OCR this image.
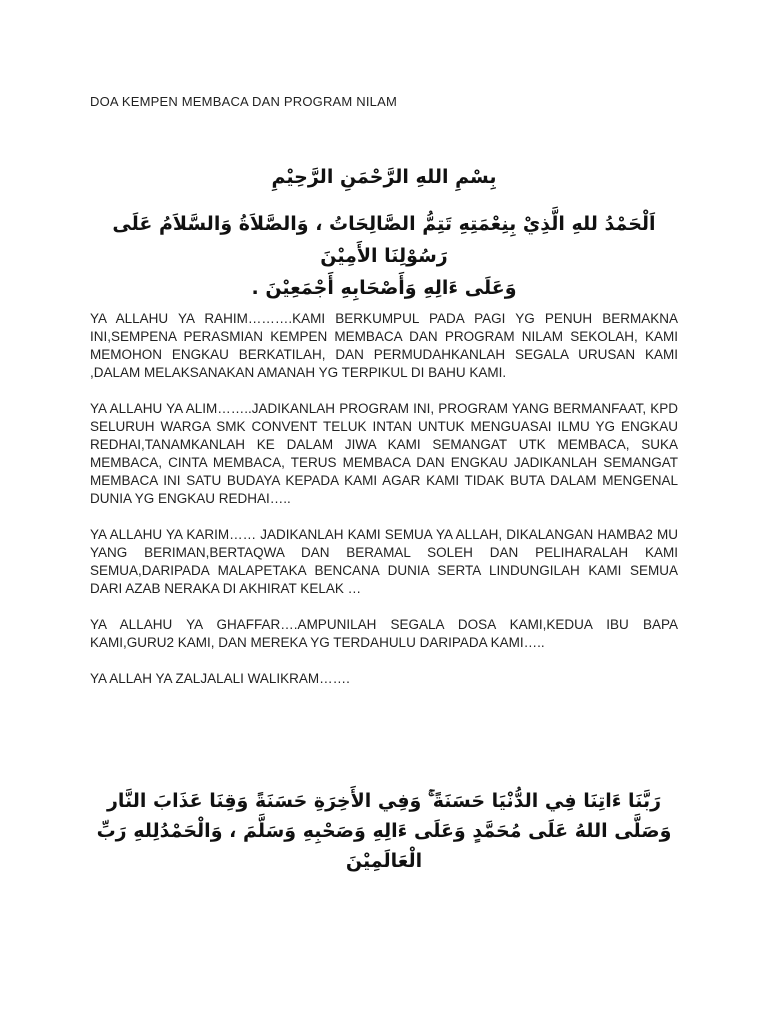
DOA KEMPEN MEMBACA DAN PROGRAM NILAM
بِسْمِ اللهِ الرَّحْمَنِ الرَّحِيْمِ
اَلْحَمْدُ للهِ الَّذِيْ بِنِعْمَتِهِ تَتِمُّ الصَّالِحَاتُ ، وَالصَّلاَةُ وَالسَّلاَمُ عَلَى رَسُوْلِنَا الأَمِيْنَ
وَعَلَى ءَالِهِ وَأَصْحَابِهِ أَجْمَعِيْنَ .

YA ALLAHU YA RAHIM……….KAMI BERKUMPUL PADA PAGI YG PENUH BERMAKNA INI,SEMPENA PERASMIAN KEMPEN MEMBACA DAN PROGRAM NILAM SEKOLAH, KAMI MEMOHON ENGKAU BERKATILAH, DAN PERMUDAHKANLAH SEGALA URUSAN KAMI ,DALAM MELAKSANAKAN AMANAH YG TERPIKUL DI BAHU KAMI.

YA ALLAHU YA ALIM……..JADIKANLAH PROGRAM INI, PROGRAM YANG BERMANFAAT, KPD SELURUH WARGA SMK CONVENT TELUK INTAN UNTUK MENGUASAI ILMU YG ENGKAU REDHAI,TANAMKANLAH KE DALAM JIWA KAMI SEMANGAT UTK MEMBACA, SUKA MEMBACA, CINTA MEMBACA, TERUS MEMBACA DAN ENGKAU JADIKANLAH SEMANGAT MEMBACA INI SATU BUDAYA KEPADA KAMI AGAR KAMI TIDAK BUTA DALAM MENGENAL DUNIA YG ENGKAU REDHAI…..

YA ALLAHU YA KARIM…… JADIKANLAH KAMI SEMUA YA ALLAH, DIKALANGAN HAMBA2 MU YANG BERIMAN,BERTAQWA DAN BERAMAL SOLEH DAN PELIHARALAH KAMI SEMUA,DARIPADA MALAPETAKA BENCANA DUNIA SERTA LINDUNGILAH KAMI SEMUA DARI AZAB NERAKA DI AKHIRAT KELAK …

YA ALLAHU YA GHAFFAR….AMPUNILAH SEGALA DOSA KAMI,KEDUA IBU BAPA KAMI,GURU2 KAMI, DAN MEREKA YG TERDAHULU DARIPADA KAMI…..

YA ALLAH YA ZALJALALI WALIKRAM…….

رَبَّنَا ءَاتِنَا فِي الدُّنْيَا حَسَنَةً ۚ وَفِي الأَخِرَةِ حَسَنَةً وَقِنَا عَذَابَ النَّار
وَصَلَّى اللهُ عَلَى مُحَمَّدٍ وَعَلَى ءَالِهِ وَصَحْبِهِ وَسَلَّمَ ، وَالْحَمْدُلِلهِ رَبِّ الْعَالَمِيْنَ
